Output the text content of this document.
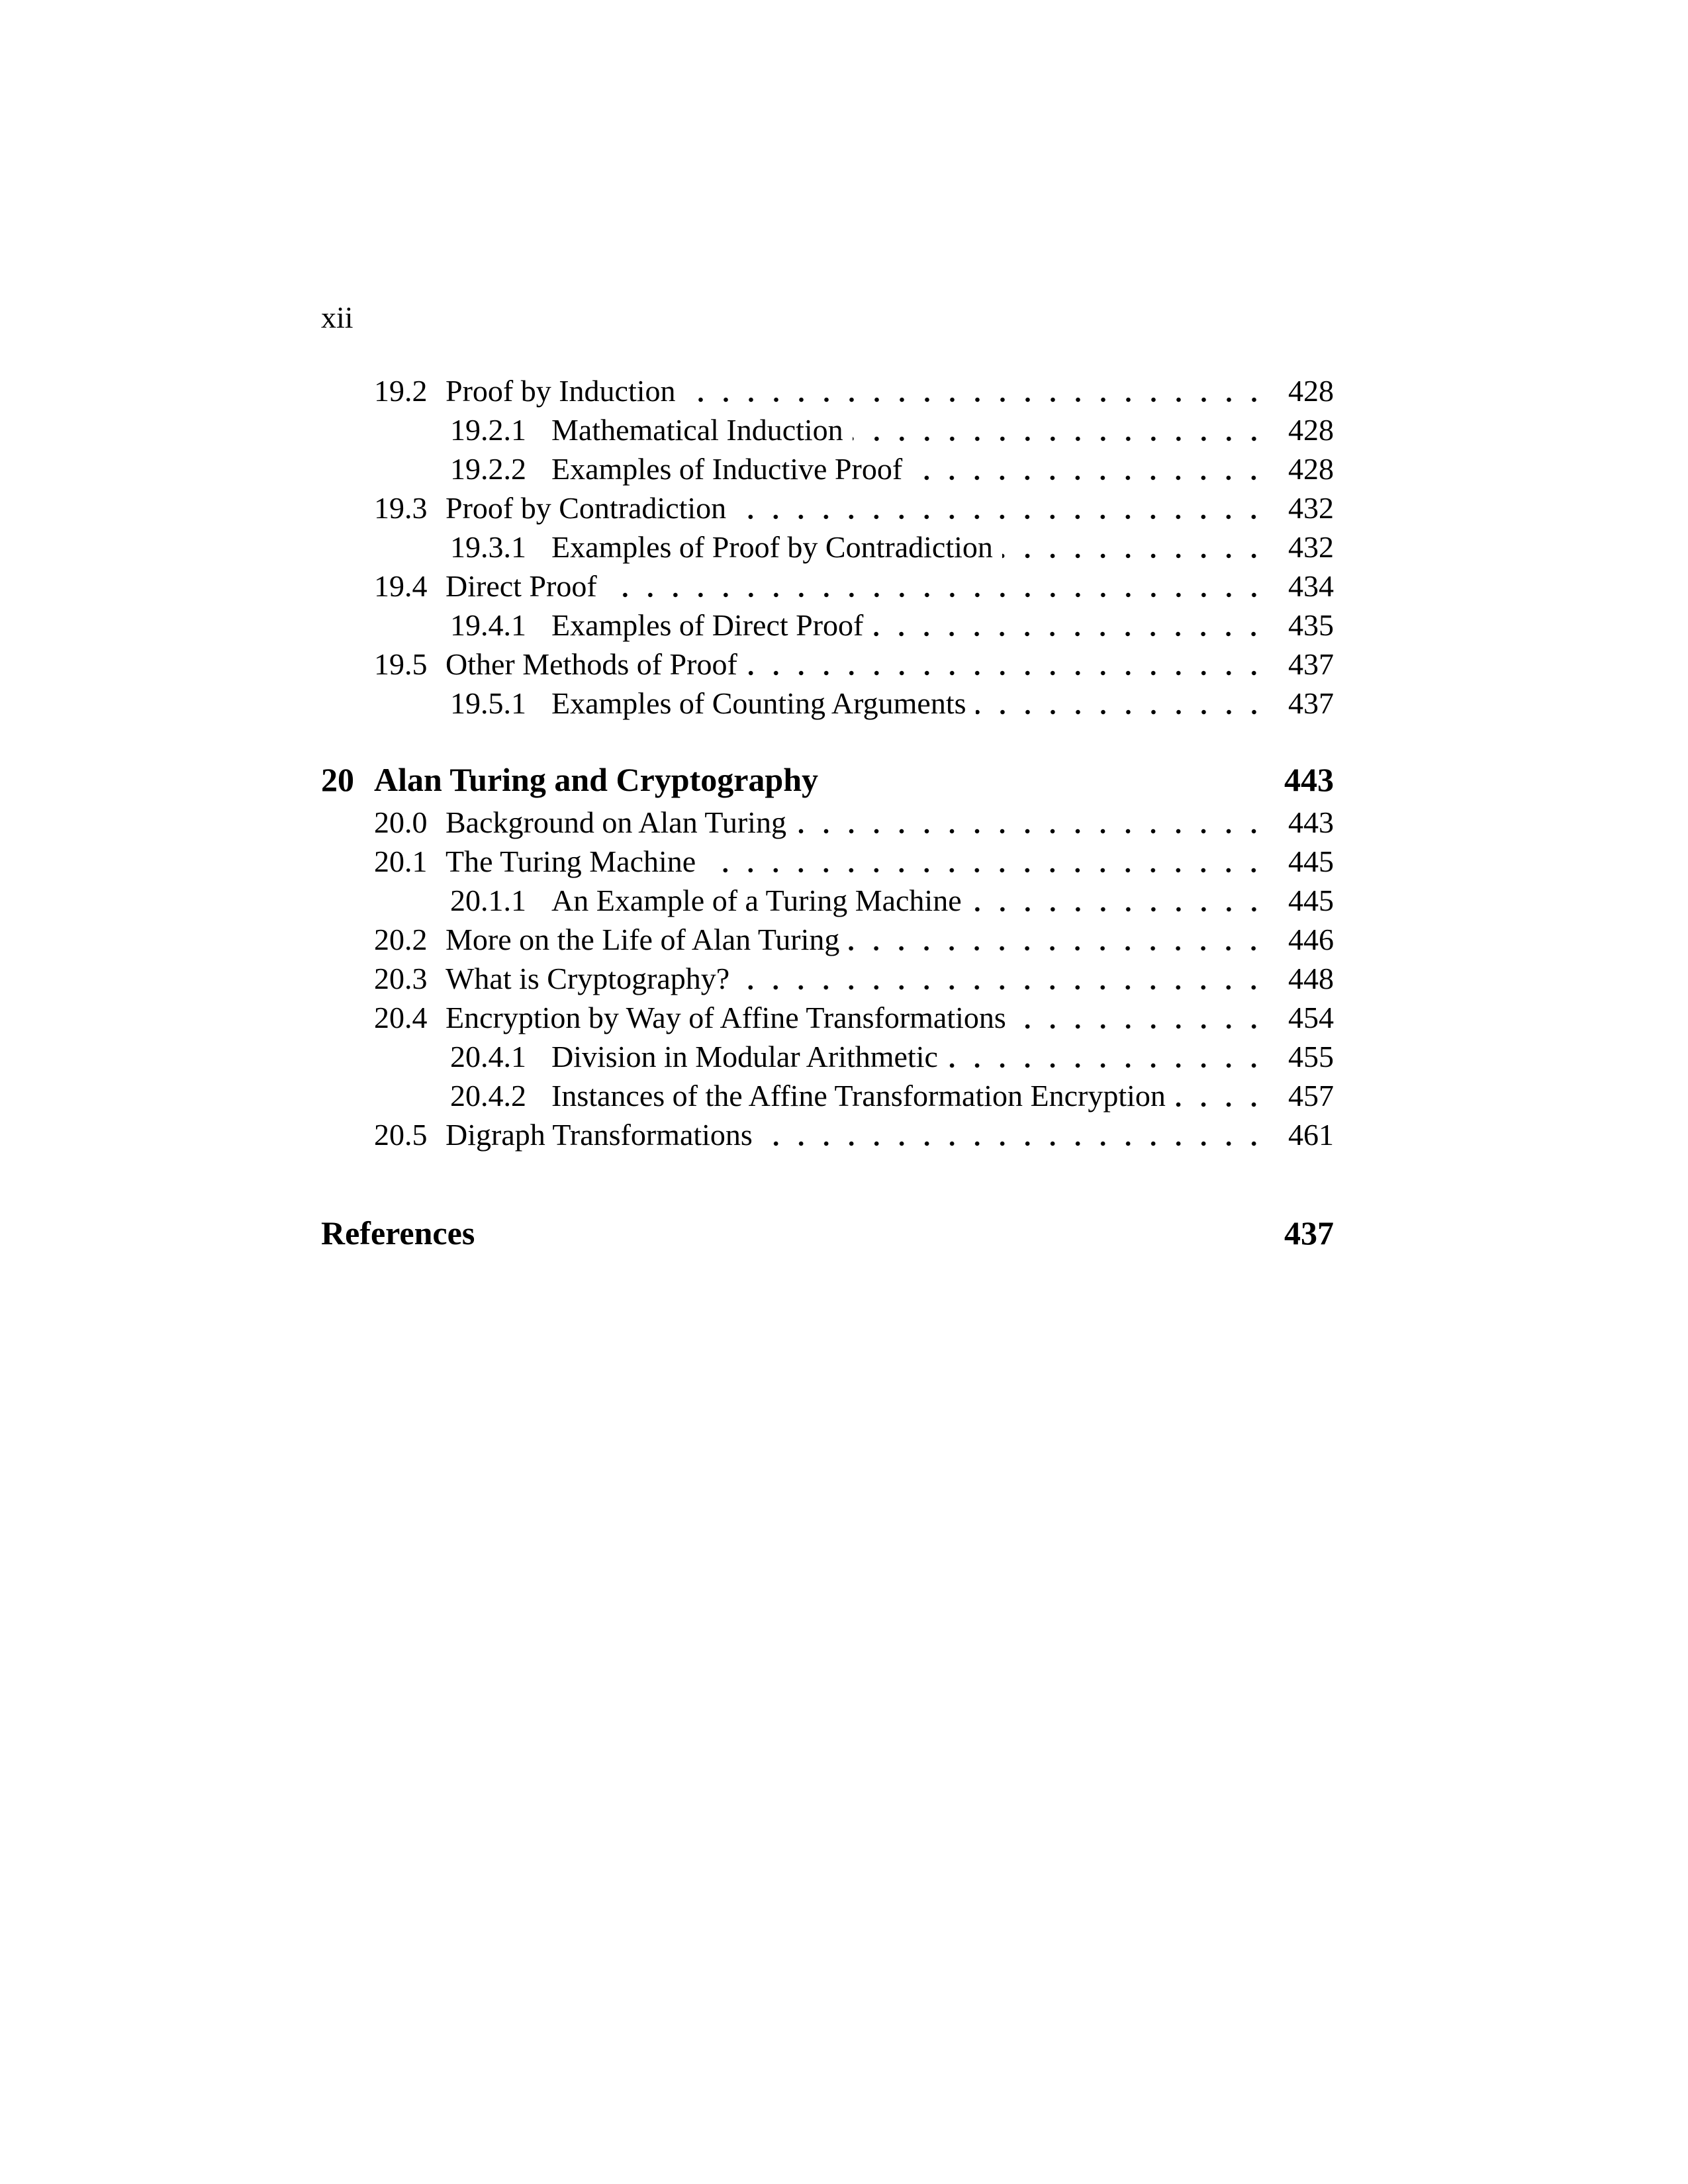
xii
19.2 Proof by Induction	428
19.2.1 Mathematical Induction	428
19.2.2 Examples of Inductive Proof	428
19.3 Proof by Contradiction	432
19.3.1 Examples of Proof by Contradiction	432
19.4 Direct Proof	434
19.4.1 Examples of Direct Proof	435
19.5 Other Methods of Proof	437
19.5.1 Examples of Counting Arguments	437
20 Alan Turing and Cryptography	443
20.0 Background on Alan Turing	443
20.1 The Turing Machine	445
20.1.1 An Example of a Turing Machine	445
20.2 More on the Life of Alan Turing	446
20.3 What is Cryptography?	448
20.4 Encryption by Way of Affine Transformations	454
20.4.1 Division in Modular Arithmetic	455
20.4.2 Instances of the Affine Transformation Encryption	457
20.5 Digraph Transformations	461
References	437
